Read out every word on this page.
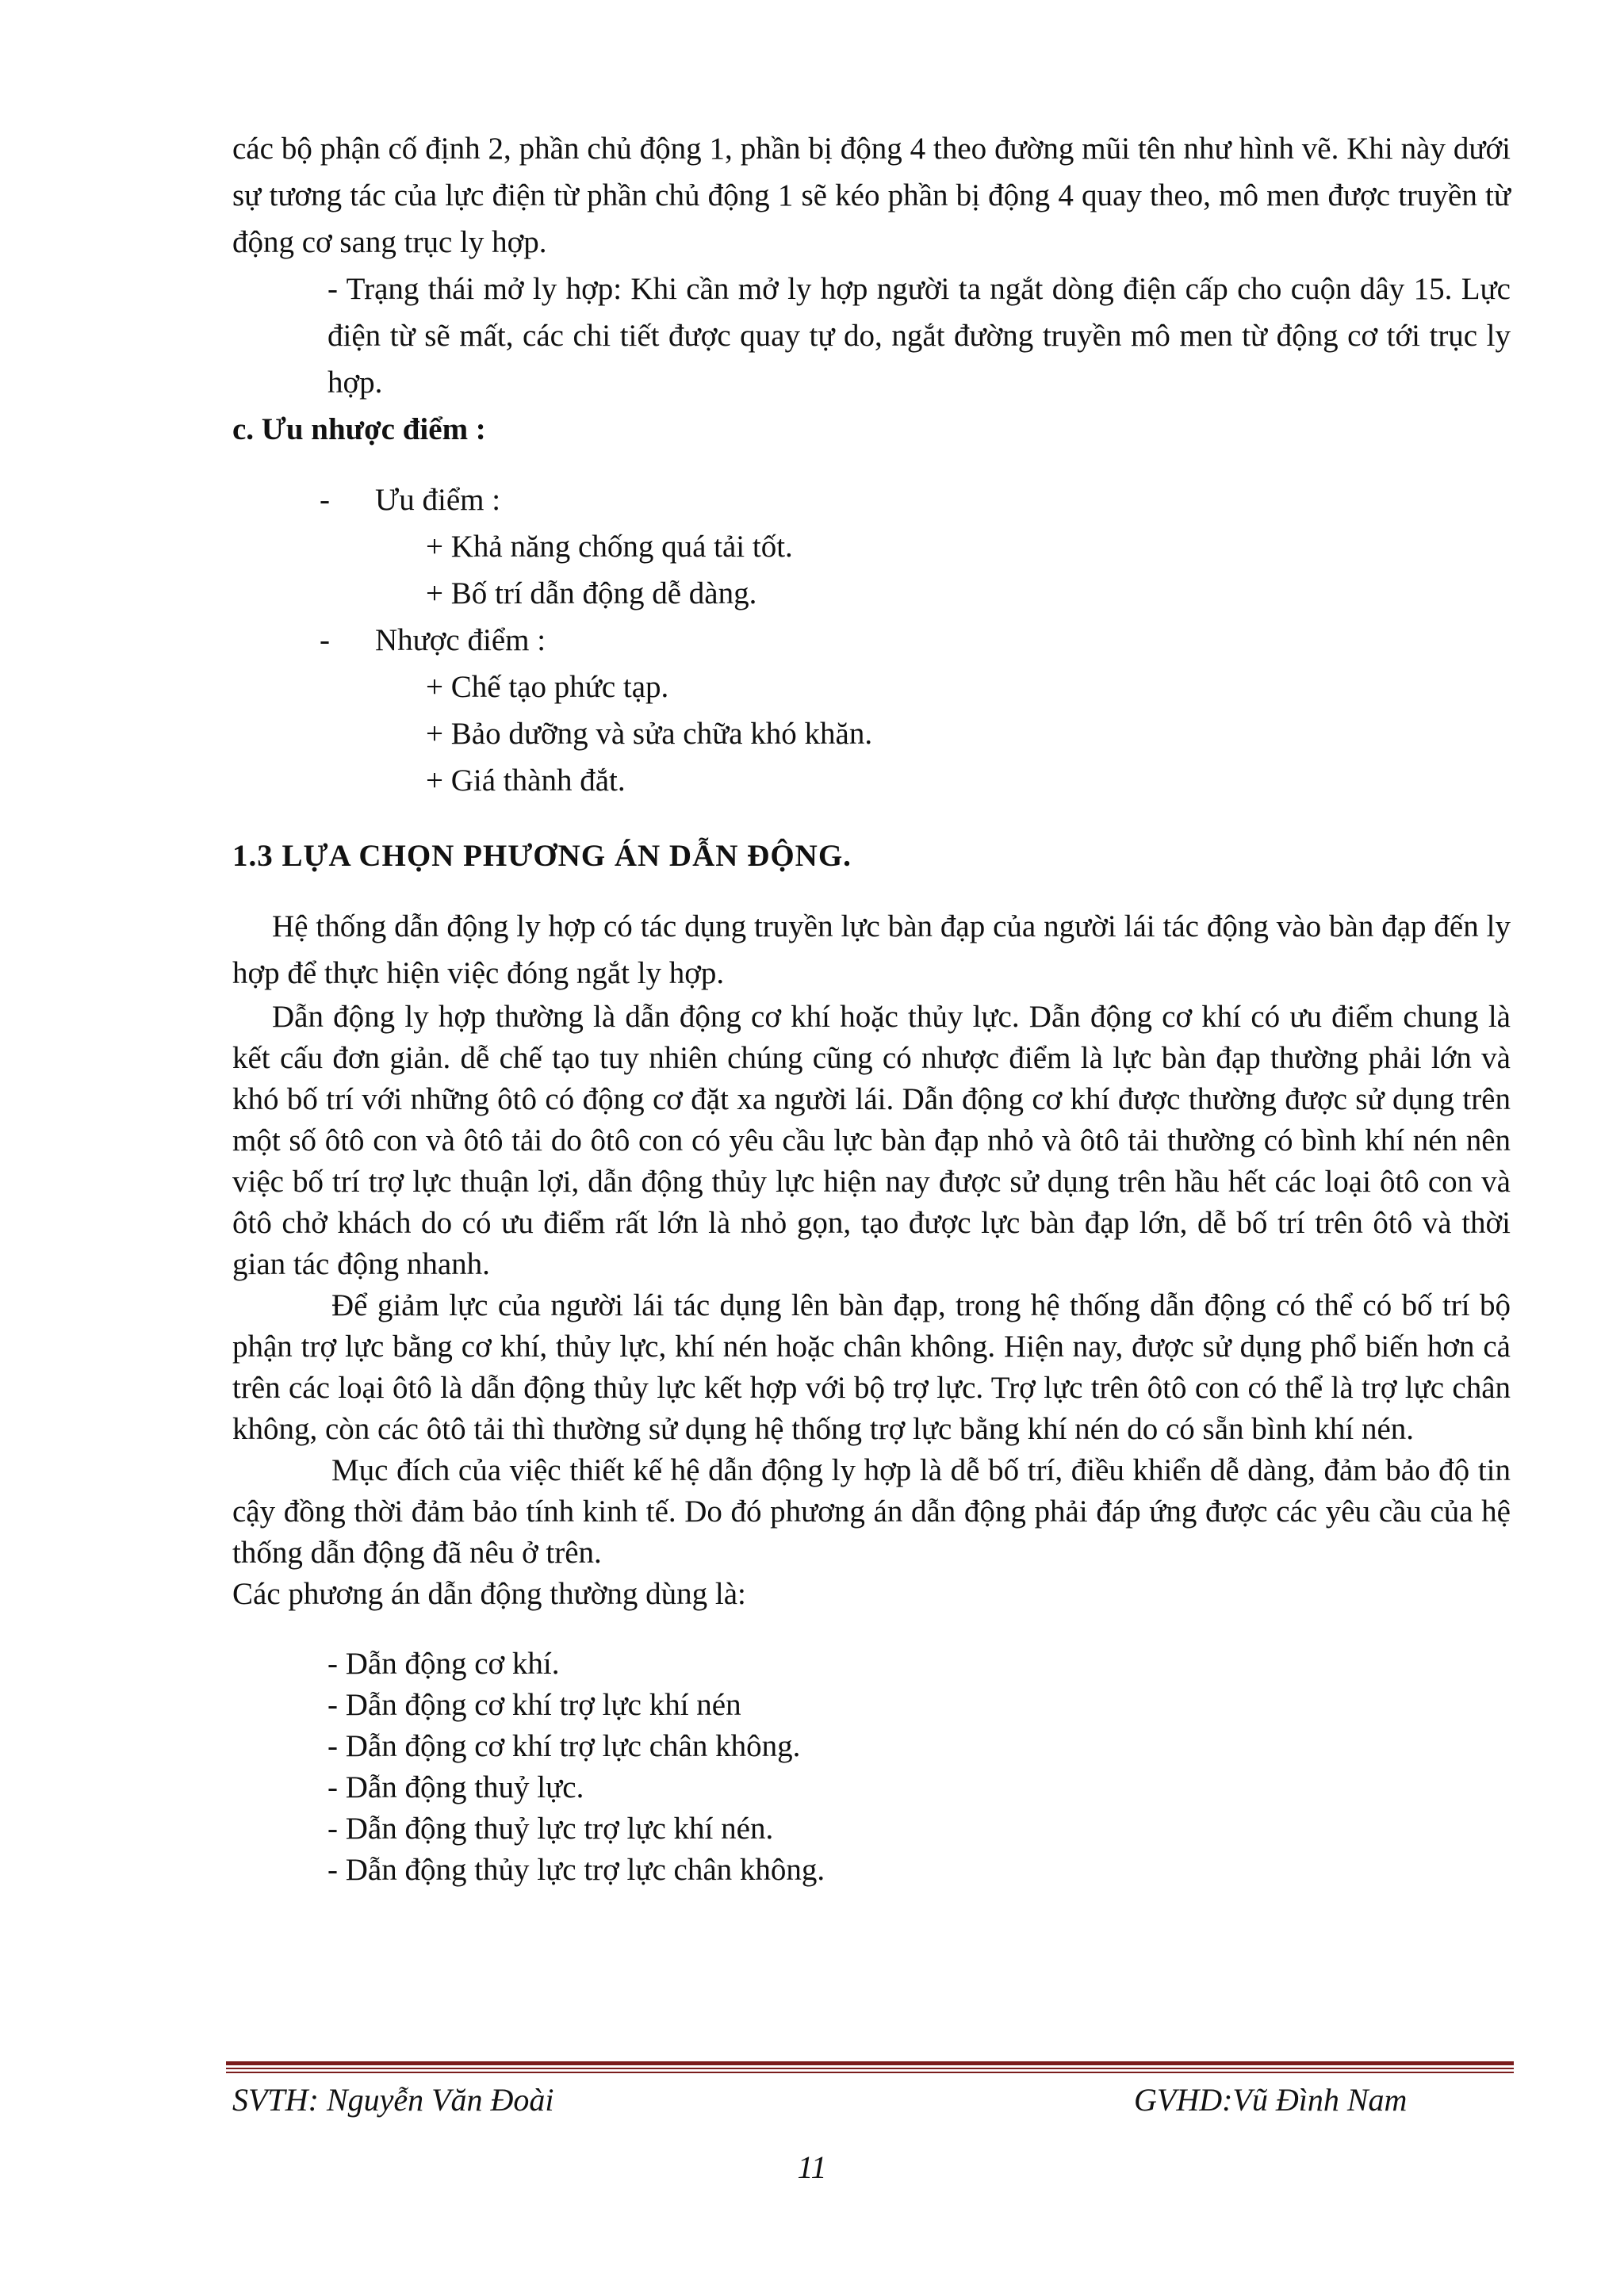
các bộ phận cố định 2, phần chủ động 1, phần bị động 4 theo đường mũi tên như hình vẽ. Khi này dưới sự tương tác của lực điện từ phần chủ động 1 sẽ kéo phần bị động 4 quay theo, mô men được truyền từ động cơ sang trục ly hợp.

- Trạng thái mở ly hợp: Khi cần mở ly hợp người ta ngắt dòng điện cấp cho cuộn dây 15. Lực điện từ sẽ mất, các chi tiết được quay tự do, ngắt đường truyền mô men từ động cơ tới trục ly hợp.

c. Ưu nhược điểm :

- Ưu điểm :

+ Khả năng chống quá tải tốt.

+ Bố trí dẫn động dễ dàng.

- Nhược điểm :

+ Chế tạo phức tạp.

+ Bảo dưỡng và sửa chữa khó khăn.

+ Giá thành đắt.

1.3 LỰA CHỌN PHƯƠNG ÁN DẪN ĐỘNG.

Hệ thống dẫn động ly hợp có tác dụng truyền lực bàn đạp của người lái tác động vào bàn đạp đến ly hợp để thực hiện việc đóng ngắt ly hợp.

Dẫn động ly hợp thường là dẫn động cơ khí hoặc thủy lực. Dẫn động cơ khí có ưu điểm chung là kết cấu đơn giản. dễ chế tạo tuy nhiên chúng cũng có nhược điểm là lực bàn đạp thường phải lớn và khó bố trí với những ôtô có động cơ đặt xa người lái. Dẫn động cơ khí được thường được sử dụng trên một số ôtô con và ôtô tải do ôtô con có yêu cầu lực bàn đạp nhỏ và ôtô tải thường có bình khí nén nên việc bố trí trợ lực thuận lợi, dẫn động thủy lực hiện nay được sử dụng trên hầu hết các loại ôtô con và ôtô chở khách do có ưu điểm rất lớn là nhỏ gọn, tạo được lực bàn đạp lớn, dễ bố trí trên ôtô và thời gian tác động nhanh.

Để giảm lực của người lái tác dụng lên bàn đạp, trong hệ thống dẫn động có thể có bố trí bộ phận trợ lực bằng cơ khí, thủy lực, khí nén hoặc chân không. Hiện nay, được sử dụng phổ biến hơn cả trên các loại ôtô là dẫn động thủy lực kết hợp với bộ trợ lực. Trợ lực trên ôtô con có thể là trợ lực chân không, còn các ôtô tải thì thường sử dụng hệ thống trợ lực bằng khí nén do có sẵn bình khí nén.

Mục đích của việc thiết kế hệ dẫn động ly hợp là dễ bố trí, điều khiển dễ dàng, đảm bảo độ tin cậy đồng thời đảm bảo tính kinh tế. Do đó phương án dẫn động phải đáp ứng được các yêu cầu của hệ thống dẫn động đã nêu ở trên.

Các phương án dẫn động thường dùng là:

- Dẫn động cơ khí.

- Dẫn động cơ khí trợ lực khí nén

- Dẫn động cơ khí trợ lực chân không.

- Dẫn động thuỷ lực.

- Dẫn động thuỷ lực trợ lực khí nén.

- Dẫn động thủy lực trợ lực chân không.

SVTH: Nguyễn Văn Đoài	GVHD:Vũ Đình Nam
11
